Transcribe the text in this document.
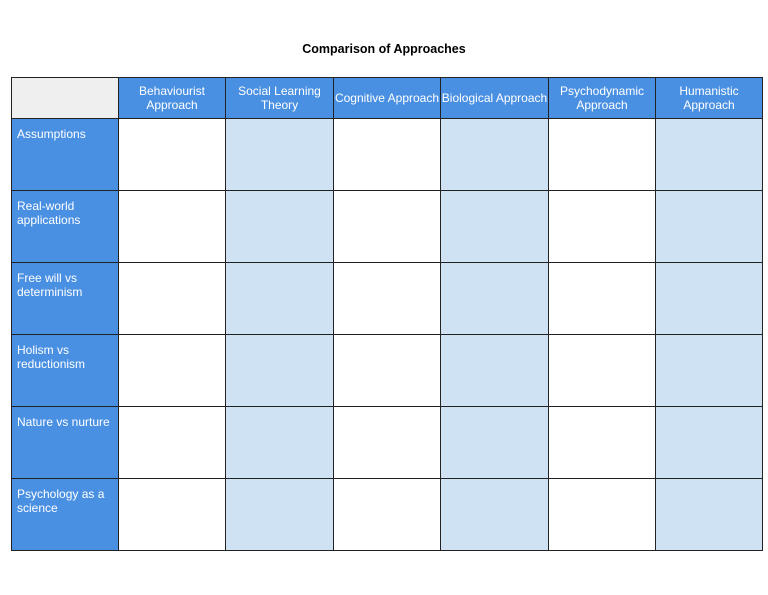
Comparison of Approaches
	Behaviourist Approach	Social Learning Theory	Cognitive Approach	Biological Approach	Psychodynamic Approach	Humanistic Approach
Assumptions						
Real-world applications						
Free will vs determinism						
Holism vs reductionism						
Nature vs nurture						
Psychology as a science						
